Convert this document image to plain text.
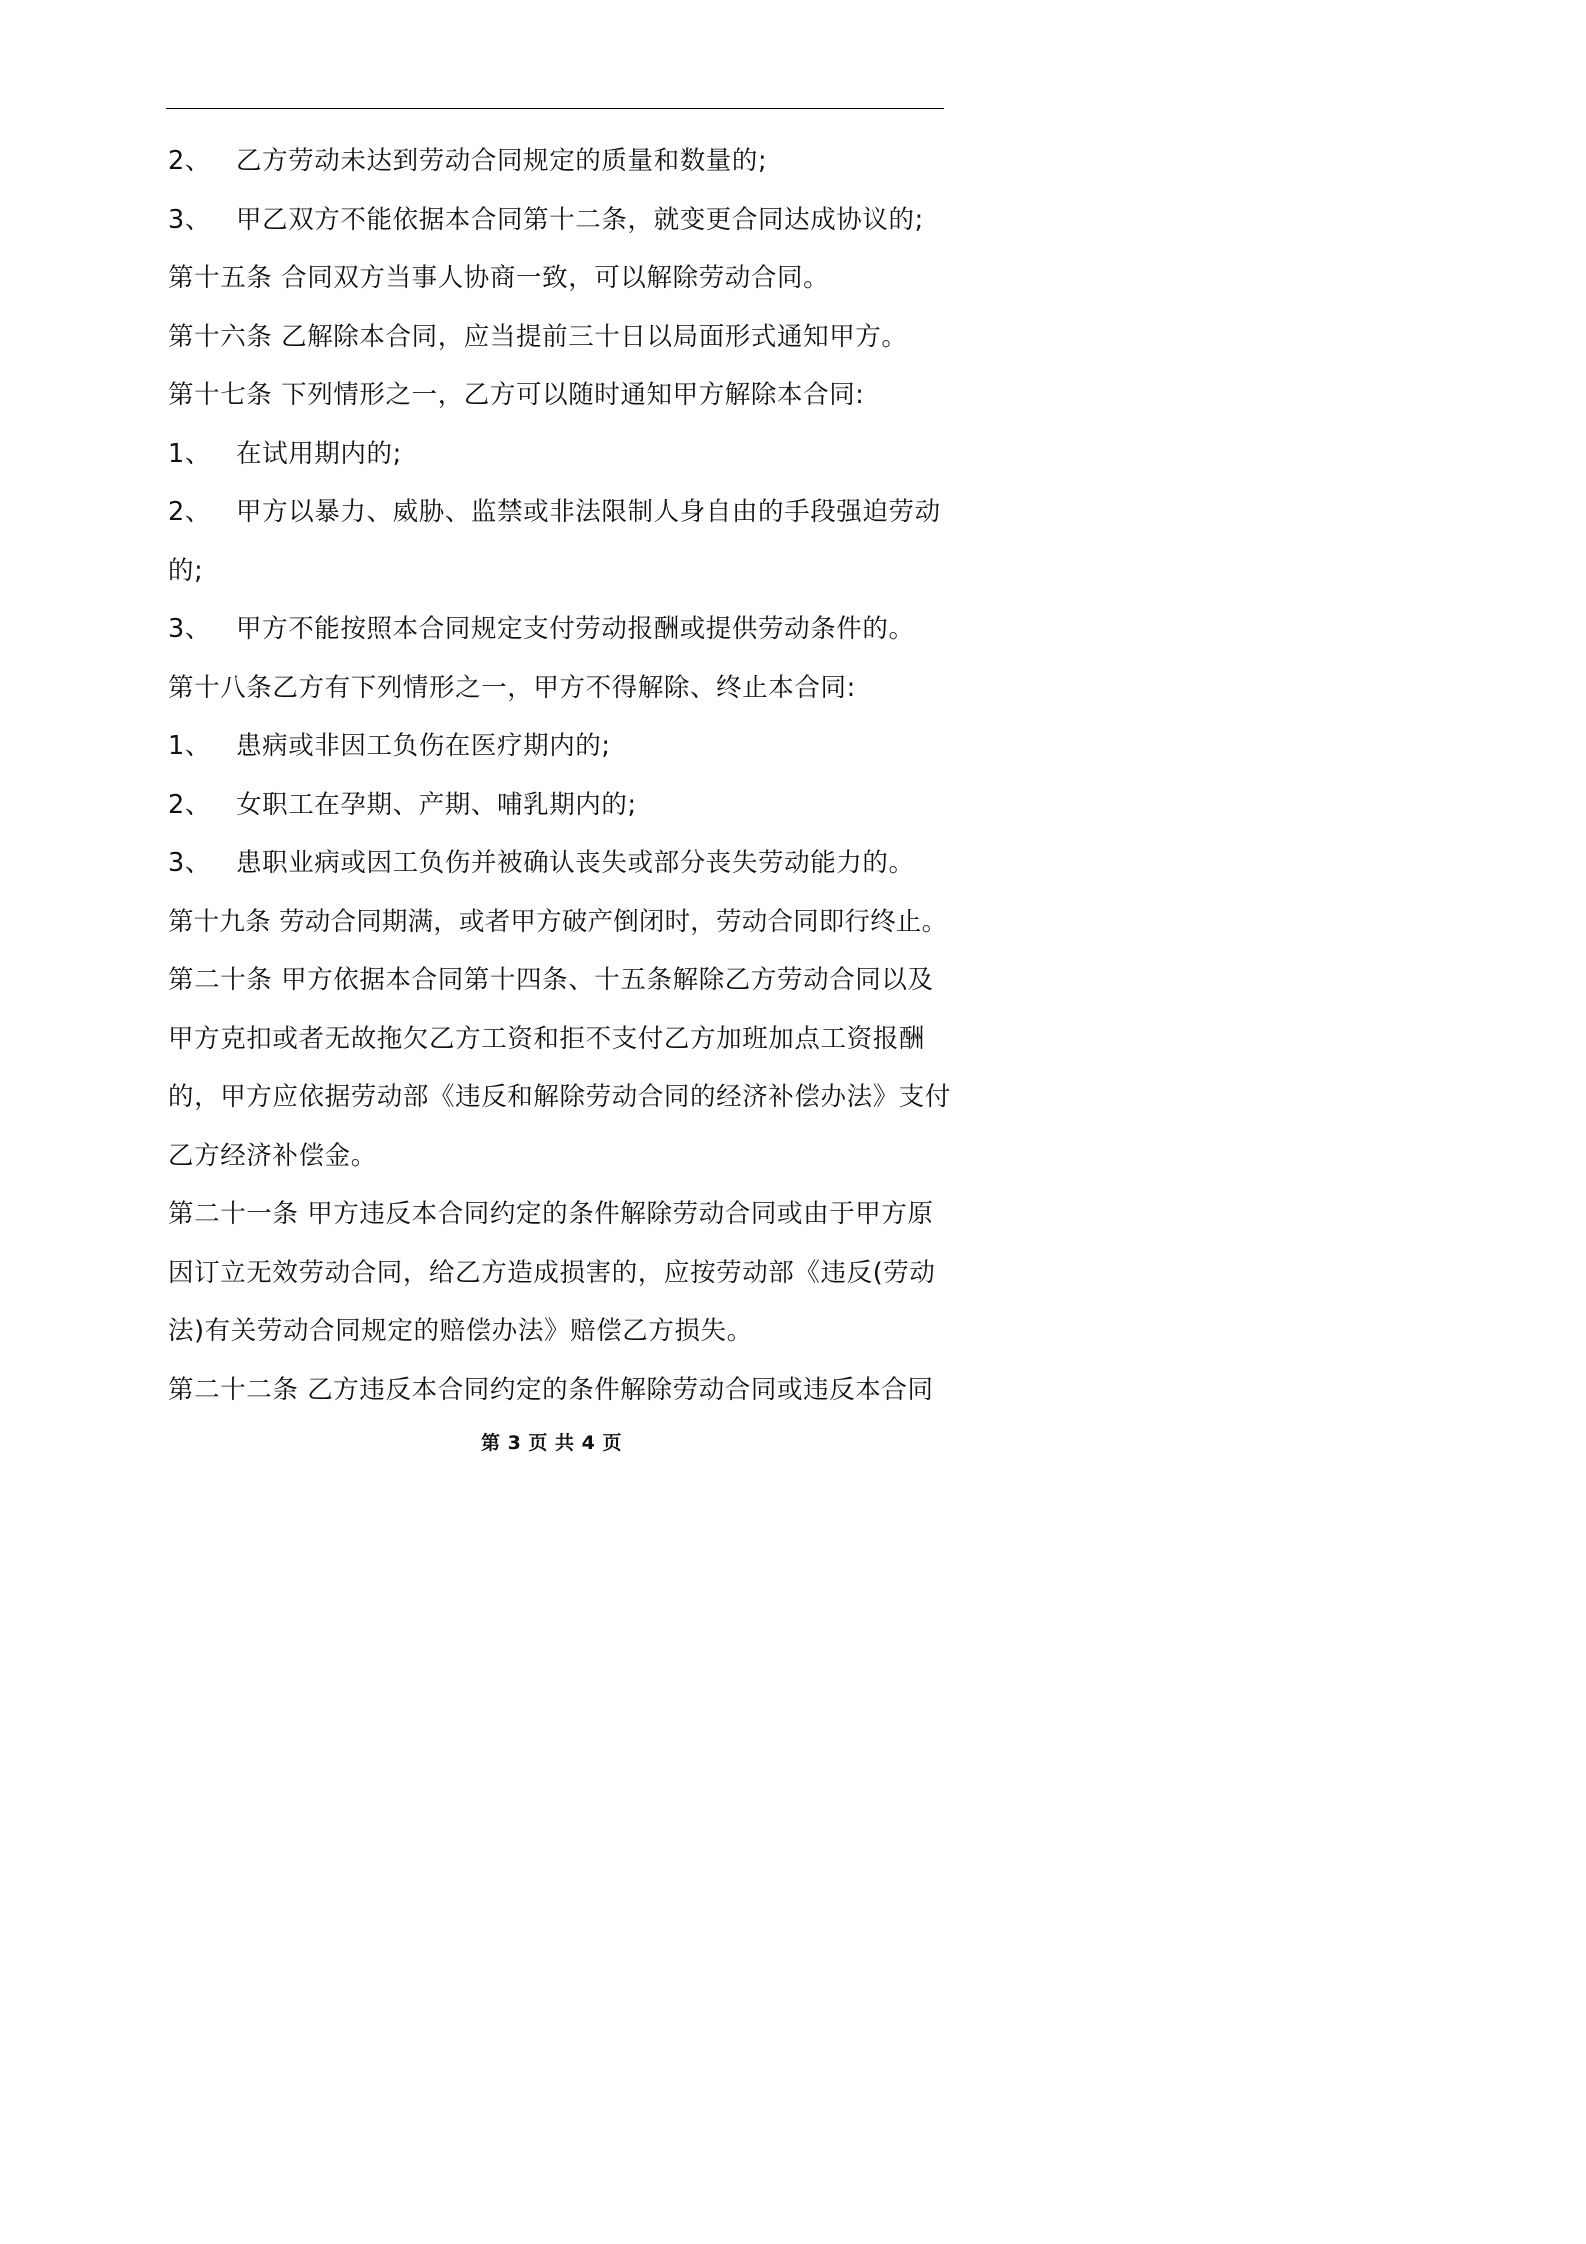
2、 乙方劳动未达到劳动合同规定的质量和数量的;
3、 甲乙双方不能依据本合同第十二条，就变更合同达成协议的;
第十五条 合同双方当事人协商一致，可以解除劳动合同。
第十六条 乙解除本合同，应当提前三十日以局面形式通知甲方。
第十七条 下列情形之一，乙方可以随时通知甲方解除本合同:
1、 在试用期内的;
2、 甲方以暴力、威胁、监禁或非法限制人身自由的手段强迫劳动
的;
3、 甲方不能按照本合同规定支付劳动报酬或提供劳动条件的。
第十八条乙方有下列情形之一，甲方不得解除、终止本合同:
1、 患病或非因工负伤在医疗期内的;
2、 女职工在孕期、产期、哺乳期内的;
3、 患职业病或因工负伤并被确认丧失或部分丧失劳动能力的。
第十九条 劳动合同期满，或者甲方破产倒闭时，劳动合同即行终止。
第二十条 甲方依据本合同第十四条、十五条解除乙方劳动合同以及
甲方克扣或者无故拖欠乙方工资和拒不支付乙方加班加点工资报酬
的，甲方应依据劳动部《违反和解除劳动合同的经济补偿办法》支付
乙方经济补偿金。
第二十一条 甲方违反本合同约定的条件解除劳动合同或由于甲方原
因订立无效劳动合同，给乙方造成损害的，应按劳动部《违反(劳动
法)有关劳动合同规定的赔偿办法》赔偿乙方损失。
第二十二条 乙方违反本合同约定的条件解除劳动合同或违反本合同
第 3 页 共 4 页
